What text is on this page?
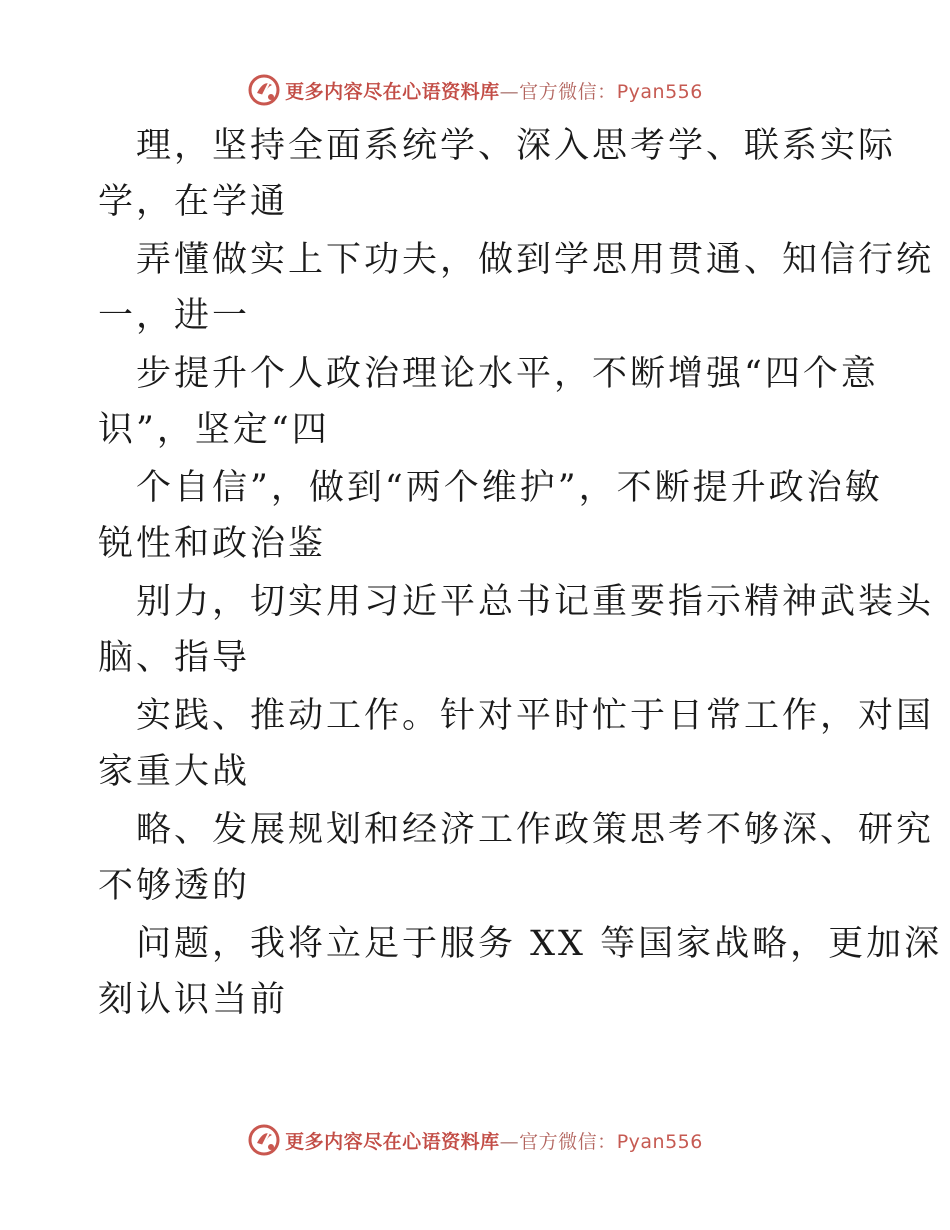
更多内容尽在心语资料库—官方微信：Pyan556
理，坚持全面系统学、深入思考学、联系实际
学，在学通
弄懂做实上下功夫，做到学思用贯通、知信行统
一，进一
步提升个人政治理论水平，不断增强“四个意
识”，坚定“四
个自信”，做到“两个维护”，不断提升政治敏
锐性和政治鉴
别力，切实用习近平总书记重要指示精神武装头
脑、指导
实践、推动工作。针对平时忙于日常工作，对国
家重大战
略、发展规划和经济工作政策思考不够深、研究
不够透的
问题，我将立足于服务 XX 等国家战略，更加深
刻认识当前
更多内容尽在心语资料库—官方微信：Pyan556
